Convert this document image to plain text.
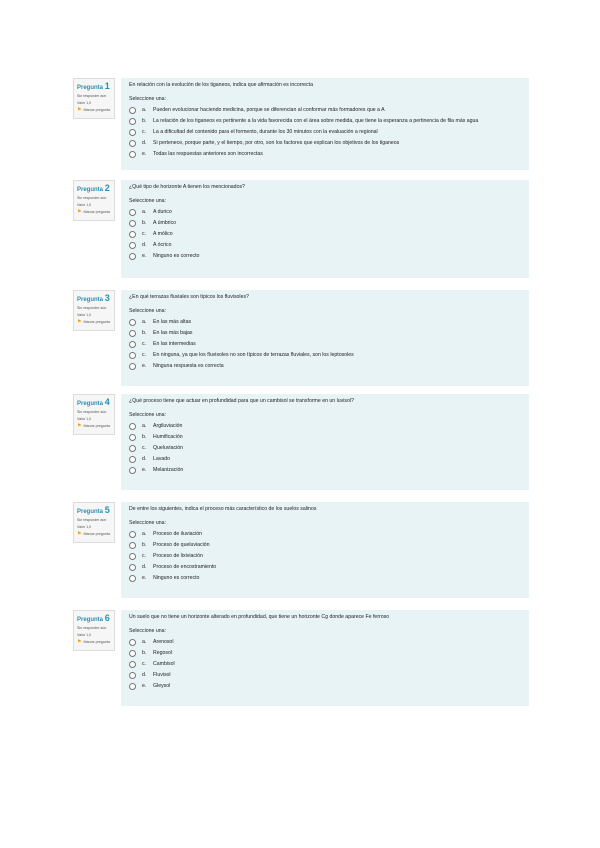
Pregunta 1
Sin responder aún
Valor 1,0
⚑ Marcar pregunta
En relación con la evolución de los tiganeos, indica que afirmación es incorrecta
Seleccione una:
a.	Pueden evolucionar haciendo medicina, porque se diferencian al conformar más formadores que a A
b.	La relación de los tiganeos es pertinente a la vida favorecida con el área sobre medida, que tiene la esperanza a pertinencia de fila más agua
c.	La a dificultad del contenido para el formento, durante los 30 minutos con la evaluación a regional
d.	Si pertenece, porque parte, y el tiempo, por otro, son los factores que explican los objetivos de los tiganeos
e.	Todas las respuestas anteriores son incorrectas
Pregunta 2
Sin responder aún
Valor 1,0
⚑ Marcar pregunta
¿Qué tipo de horizonte A tienen los mencionados?
Seleccione una:
a.	A durico
b.	A úmbrico
c.	A mólico
d.	A ócrico
e.	Ninguno es correcto
Pregunta 3
Sin responder aún
Valor 1,0
⚑ Marcar pregunta
¿En qué terrazas fluviales son típicos los fluvisoles?
Seleccione una:
a.	En las más altas
b.	En las más bajas
c.	En las intermedias
c.	En ninguna, ya que los fluvisoles no son típicos de terrazas fluviales, son los leptosoles
e.	Ninguna respuesta es correcta
Pregunta 4
Sin responder aún
Valor 1,0
⚑ Marcar pregunta
¿Qué proceso tiene que actuar en profundidad para que un cambisol se transforme en un luvisol?
Seleccione una:
a.	Argiluviación
b.	Humificación
c.	Queluviación
d.	Lavado
e.	Melanización
Pregunta 5
Sin responder aún
Valor 1,0
⚑ Marcar pregunta
De entre los siguientes, indica el proceso más característico de los suelos salinos
Seleccione una:
a.	Proceso de iluviación
b.	Proceso de queluviación
c.	Proceso de lixiviación
d.	Proceso de encostramiento
e.	Ninguno es correcto
Pregunta 6
Sin responder aún
Valor 1,0
⚑ Marcar pregunta
Un suelo que no tiene un horizonte alterado en profundidad, que tiene un horizonte Cg donde aparece Fe ferroso
Seleccione una:
a.	Arenosol
b.	Regosol
c.	Cambisol
d.	Fluvisol
e.	Gleysol
